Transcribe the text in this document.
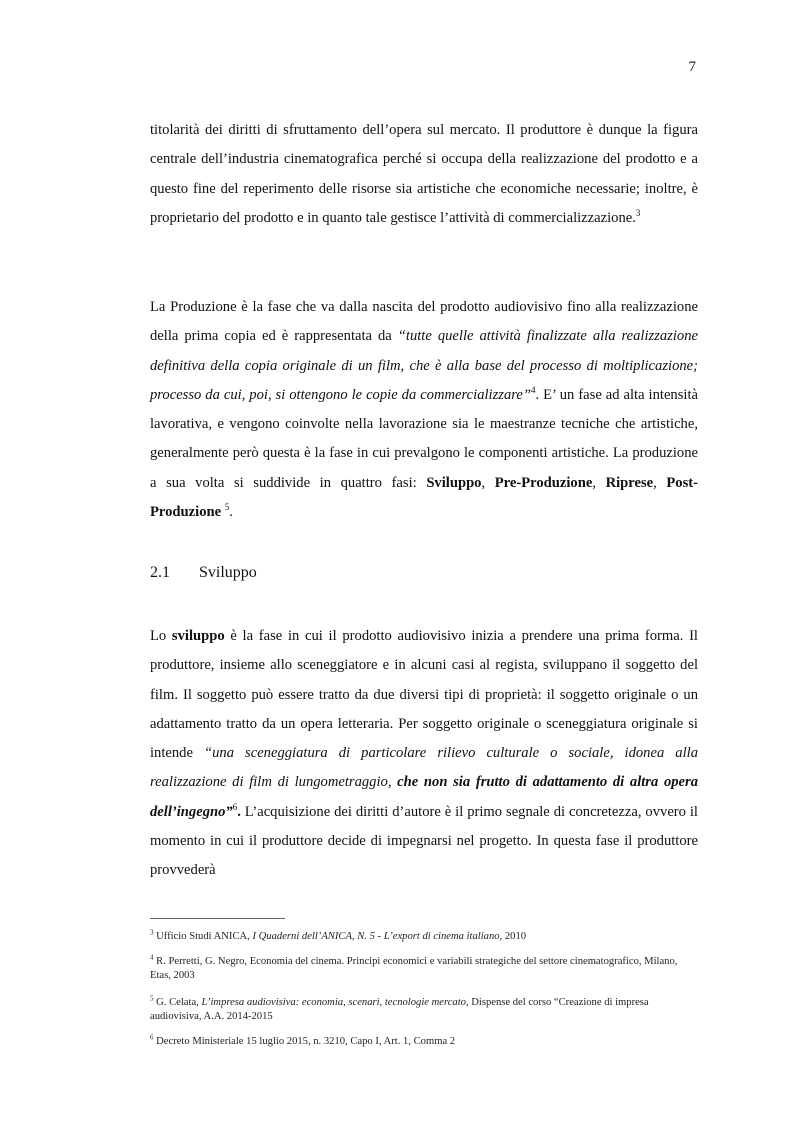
7

titolarità dei diritti di sfruttamento dell’opera sul mercato. Il produttore è dunque la figura centrale dell’industria cinematografica perché si occupa della realizzazione del prodotto e a questo fine del reperimento delle risorse sia artistiche che economiche necessarie; inoltre, è proprietario del prodotto e in quanto tale gestisce l’attività di commercializzazione.$^3$

La Produzione è la fase che va dalla nascita del prodotto audiovisivo fino alla realizzazione della prima copia ed è rappresentata da “tutte quelle attività finalizzate alla realizzazione definitiva della copia originale di un film, che è alla base del processo di moltiplicazione; processo da cui, poi, si ottengono le copie da commercializzare”$^4$. E’ un fase ad alta intensità lavorativa, e vengono coinvolte nella lavorazione sia le maestranze tecniche che artistiche, generalmente però questa è la fase in cui prevalgono le componenti artistiche. La produzione a sua volta si suddivide in quattro fasi: Sviluppo, Pre-Produzione, Riprese, Post-Produzione $^5$.

2.1 Sviluppo

Lo sviluppo è la fase in cui il prodotto audiovisivo inizia a prendere una prima forma. Il produttore, insieme allo sceneggiatore e in alcuni casi al regista, sviluppano il soggetto del film. Il soggetto può essere tratto da due diversi tipi di proprietà: il soggetto originale o un adattamento tratto da un opera letteraria. Per soggetto originale o sceneggiatura originale si intende “una sceneggiatura di particolare rilievo culturale o sociale, idonea alla realizzazione di film di lungometraggio, che non sia frutto di adattamento di altra opera dell’ingegno”$^6$. L’acquisizione dei diritti d’autore è il primo segnale di concretezza, ovvero il momento in cui il produttore decide di impegnarsi nel progetto. In questa fase il produttore provvederà

$^3$ Ufficio Studi ANICA, I Quaderni dell’ANICA, N. 5 - L’export di cinema italiano, 2010

$^4$ R. Perretti, G. Negro, Economia del cinema. Principi economici e variabili strategiche del settore cinematografico, Milano, Etas, 2003

$^5$ G. Celata, L’impresa audiovisiva: economia, scenari, tecnologie mercato, Dispense del corso “Creazione di impresa audiovisiva, A.A. 2014-2015

$^6$ Decreto Ministeriale 15 luglio 2015, n. 3210, Capo I, Art. 1, Comma 2
